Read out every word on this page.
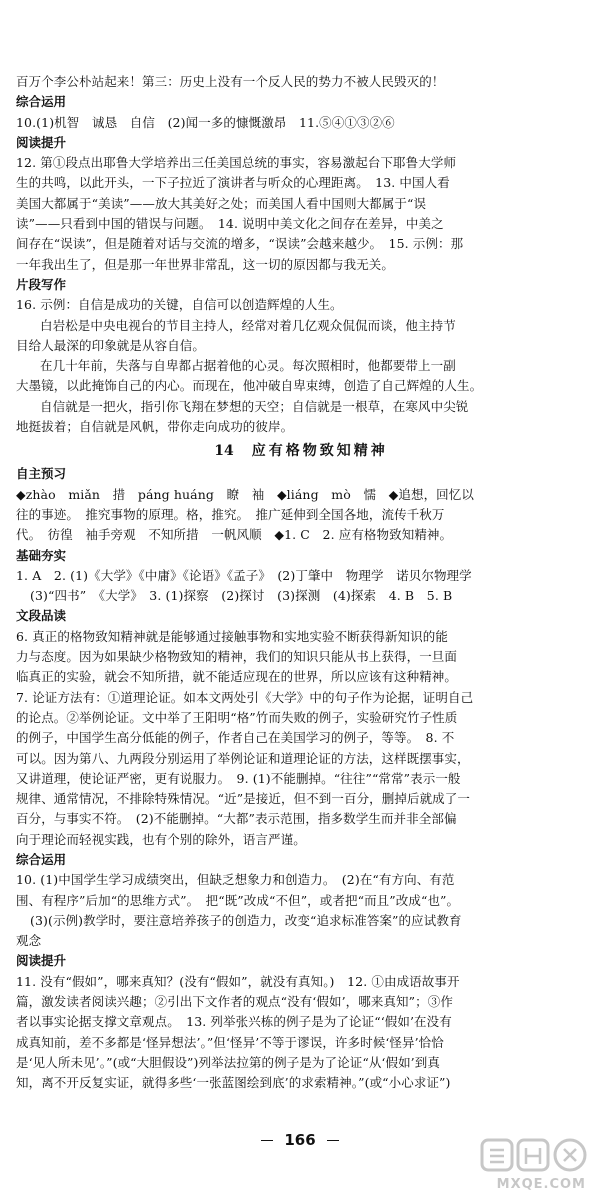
百万个李公朴站起来！第三：历史上没有一个反人民的势力不被人民毁灭的！
综合运用
10.(1)机智　诚恳　自信　(2)闻一多的慷慨激昂　11.⑤④①③②⑥
阅读提升
12. 第①段点出耶鲁大学培养出三任美国总统的事实，容易激起台下耶鲁大学师
生的共鸣，以此开头，一下子拉近了演讲者与听众的心理距离。　13. 中国人看
美国大都属于“美读”——放大其美好之处；而美国人看中国则大都属于“误
读”——只看到中国的错误与问题。　14. 说明中美文化之间存在差异，中美之
间存在“误读”，但是随着对话与交流的增多，“误读”会越来越少。　15. 示例：那
一年我出生了，但是那一年世界非常乱，这一切的原因都与我无关。
片段写作
16. 示例：自信是成功的关键，自信可以创造辉煌的人生。
白岩松是中央电视台的节目主持人，经常对着几亿观众侃侃而谈，他主持节
目给人最深的印象就是从容自信。
在几十年前，失落与自卑都占据着他的心灵。每次照相时，他都要带上一副
大墨镜，以此掩饰自己的内心。而现在，他冲破自卑束缚，创造了自己辉煌的人生。
自信就是一把火，指引你飞翔在梦想的天空；自信就是一根草，在寒风中尖锐
地挺拔着；自信就是风帆，带你走向成功的彼岸。
14 应有格物致知精神
自主预习
◆zhào　miǎn　措　páng huáng　瞭　袖　◆liáng　mò　懦　◆追想，回忆以
往的事迹。　推究事物的原理。格，推究。　推广延伸到全国各地，流传千秋万
代。　彷徨　袖手旁观　不知所措　一帆风顺　◆1. C　2. 应有格物致知精神。
基础夯实
1. A　2. (1)《大学》《中庸》《论语》《孟子》　(2)丁肇中　物理学　诺贝尔物理学
(3)“四书”　《大学》　3. (1)探察　(2)探讨　(3)探测　(4)探索　4. B　5. B
文段品读
6. 真正的格物致知精神就是能够通过接触事物和实地实验不断获得新知识的能
力与态度。因为如果缺少格物致知的精神，我们的知识只能从书上获得，一旦面
临真正的实验，就会不知所措，就不能适应现在的世界，所以应该有这种精神。
7. 论证方法有：①道理论证。如本文两处引《大学》中的句子作为论据，证明自己
的论点。②举例论证。文中举了王阳明“格”竹而失败的例子，实验研究竹子性质
的例子，中国学生高分低能的例子，作者自己在美国学习的例子，等等。　8. 不
可以。因为第八、九两段分别运用了举例论证和道理论证的方法，这样既摆事实，
又讲道理，使论证严密，更有说服力。　9. (1)不能删掉。“往往”“常常”表示一般
规律、通常情况，不排除特殊情况。“近”是接近，但不到一百分，删掉后就成了一
百分，与事实不符。　(2)不能删掉。“大都”表示范围，指多数学生而并非全部偏
向于理论而轻视实践，也有个别的除外，语言严谨。
综合运用
10. (1)中国学生学习成绩突出，但缺乏想象力和创造力。　(2)在“有方向、有范
围、有程序”后加“的思维方式”。　把“既”改成“不但”，或者把“而且”改成“也”。
(3)(示例)教学时，要注意培养孩子的创造力，改变“追求标准答案”的应试教育
观念
阅读提升
11. 没有“假如”，哪来真知？(没有“假如”，就没有真知。)　12. ①由成语故事开
篇，激发读者阅读兴趣；②引出下文作者的观点“没有‘假如’，哪来真知”；③作
者以事实论据支撑文章观点。　13. 列举张兴栋的例子是为了论证“‘假如’在没有
成真知前，差不多都是‘怪异想法’。”但‘怪异’不等于谬误，许多时候‘怪异’恰恰
是‘见人所未见’。”(或“大胆假设”)列举法拉第的例子是为了论证“从‘假如’到真
知，离不开反复实证，就得多些‘一张蓝图绘到底’的求索精神。”(或“小心求证”)
166
MXQE.COM
